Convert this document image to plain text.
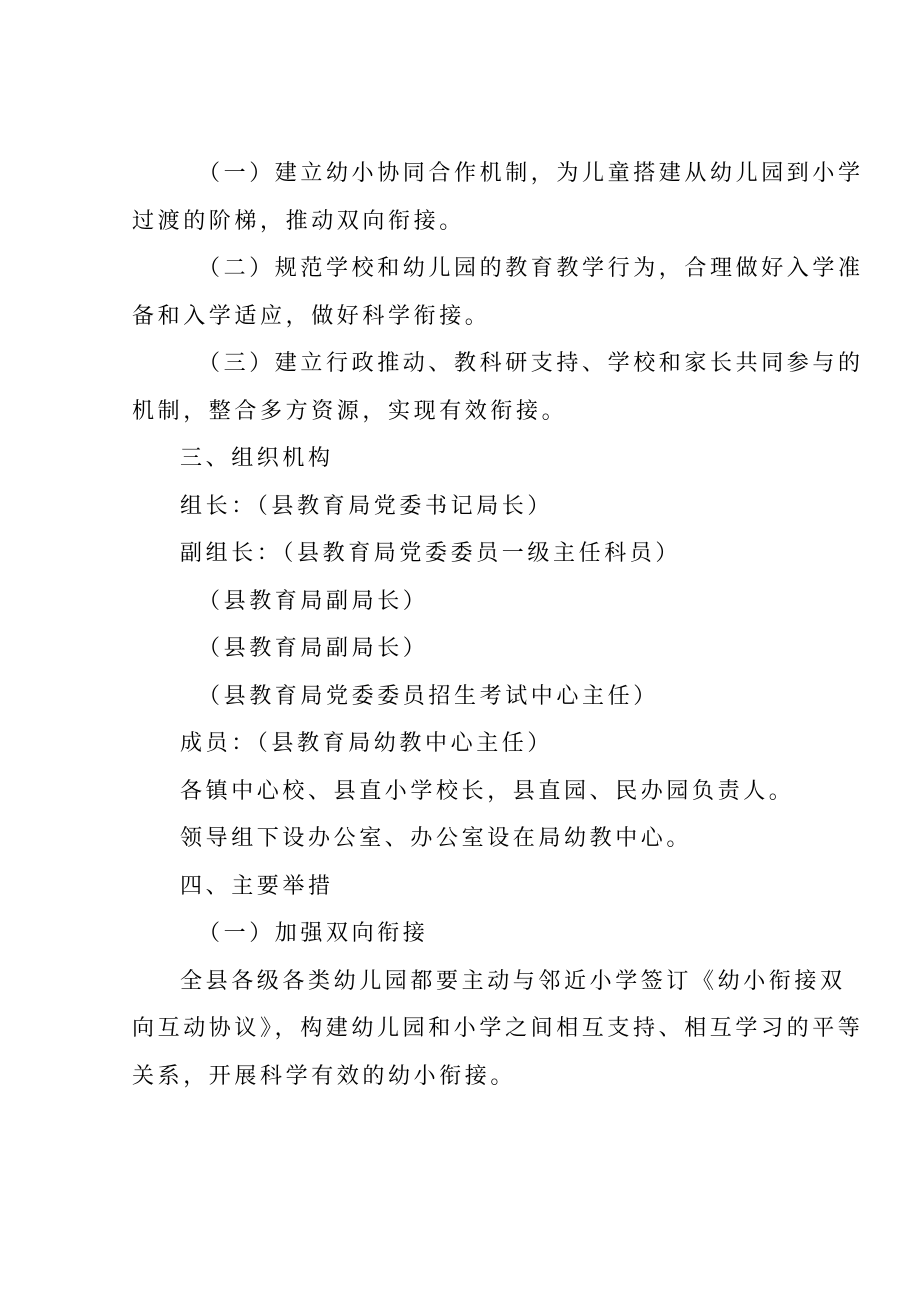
（一）建立幼小协同合作机制，为儿童搭建从幼儿园到小学

过渡的阶梯，推动双向衔接。

（二）规范学校和幼儿园的教育教学行为，合理做好入学准

备和入学适应，做好科学衔接。

（三）建立行政推动、教科研支持、学校和家长共同参与的

机制，整合多方资源，实现有效衔接。

三、组织机构

组长：（县教育局党委书记局长）

副组长：（县教育局党委委员一级主任科员）

（县教育局副局长）

（县教育局副局长）

（县教育局党委委员招生考试中心主任）

成员：（县教育局幼教中心主任）

各镇中心校、县直小学校长，县直园、民办园负责人。

领导组下设办公室、办公室设在局幼教中心。

四、主要举措

（一）加强双向衔接

全县各级各类幼儿园都要主动与邻近小学签订《幼小衔接双

向互动协议》，构建幼儿园和小学之间相互支持、相互学习的平等

关系，开展科学有效的幼小衔接。
